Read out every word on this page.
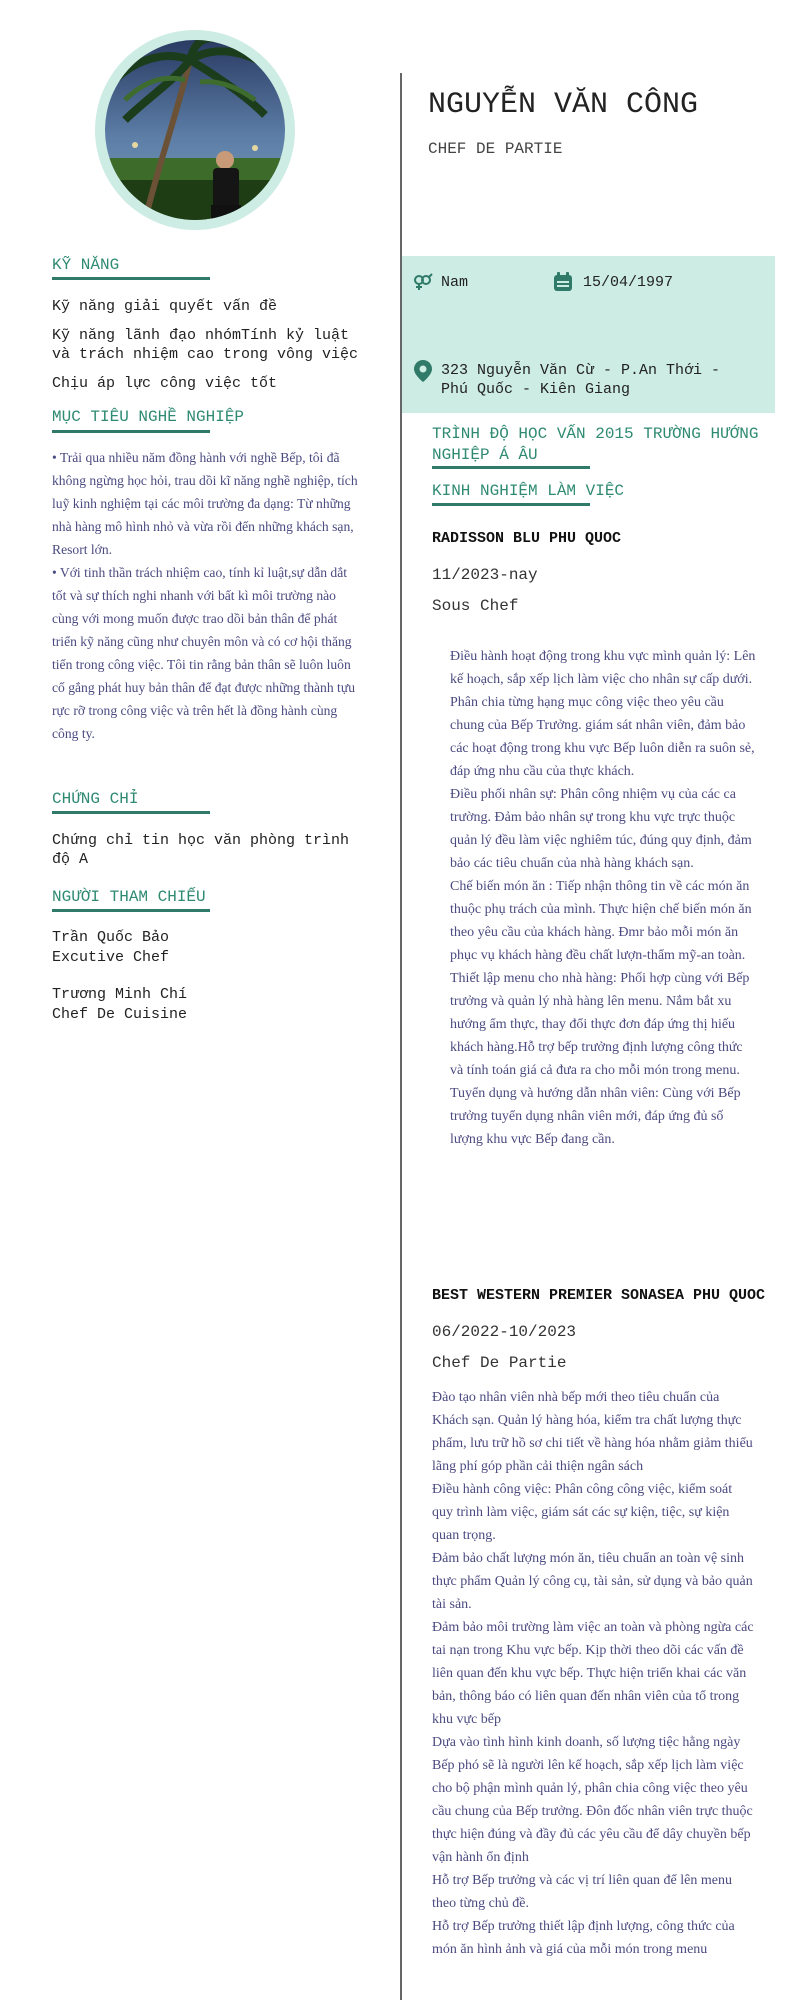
KỸ NĂNG
Kỹ năng giải quyết vấn đề
Kỹ năng lãnh đạo nhómTính kỷ luật và trách nhiệm cao trong vông việc
Chịu áp lực công việc tốt
MỤC TIÊU NGHỀ NGHIỆP

• Trải qua nhiều năm đồng hành với nghề Bếp, tôi đã không ngừng học hỏi, trau dồi kĩ năng nghề nghiệp, tích luỹ kinh nghiệm tại các môi trường đa dạng: Từ những nhà hàng mô hình nhỏ và vừa rồi đến những khách sạn, Resort lớn.

• Với tinh thần trách nhiệm cao, tính kỉ luật,sự dẫn dắt tốt và sự thích nghi nhanh với bất kì môi trường nào cùng với mong muốn được trao dồi bản thân để phát triển kỹ năng cũng như chuyên môn và có cơ hội thăng tiến trong công việc. Tôi tin rằng bản thân sẽ luôn luôn cố gắng phát huy bản thân để đạt được những thành tựu rực rỡ trong công việc và trên hết là đồng hành cùng công ty.

CHỨNG CHỈ
Chứng chỉ tin học văn phòng trình độ A
NGƯỜI THAM CHIẾU
Trần Quốc Bảo
Excutive Chef
Trương Minh Chí
Chef De Cuisine
NGUYỄN VĂN CÔNG
CHEF DE PARTIE
Nam	15/04/1997
323 Nguyễn Văn Cừ - P.An Thới - Phú Quốc - Kiên Giang
TRÌNH ĐỘ HỌC VẤN 2015 TRƯỜNG HƯỚNG NGHIỆP Á ÂU
KINH NGHIỆM LÀM VIỆC
RADISSON BLU PHU QUOC
11/2023-nay
Sous Chef

Điều hành hoạt động trong khu vực mình quản lý: Lên kế hoạch, sắp xếp lịch làm việc cho nhân sự cấp dưới. Phân chia từng hạng mục công việc theo yêu cầu chung của Bếp Trưởng. giám sát nhân viên, đảm bảo các hoạt động trong khu vực Bếp luôn diễn ra suôn sẻ, đáp ứng nhu cầu của thực khách.

Điều phối nhân sự: Phân công nhiệm vụ của các ca trường. Đảm bảo nhân sự trong khu vực trực thuộc quản lý đều làm việc nghiêm túc, đúng quy định, đảm bảo các tiêu chuẩn của nhà hàng khách sạn.

Chế biến món ăn : Tiếp nhận thông tin về các món ăn thuộc phụ trách của mình. Thực hiện chế biến món ăn theo yêu cầu của khách hàng. Đmr bảo mỗi món ăn phục vụ khách hàng đều chất lượn-thẩm mỹ-an toàn.

Thiết lập menu cho nhà hàng: Phối hợp cùng với Bếp trưởng và quản lý nhà hàng lên menu. Nắm bắt xu hướng ẩm thực, thay đổi thực đơn đáp ứng thị hiếu khách hàng.Hỗ trợ bếp trưởng định lượng công thức và tính toán giá cả đưa ra cho mỗi món trong menu.

Tuyển dụng và hướng dẫn nhân viên: Cùng với Bếp trưởng tuyển dụng nhân viên mới, đáp ứng đủ số lượng khu vực Bếp đang cần.

BEST WESTERN PREMIER SONASEA PHU QUOC
06/2022-10/2023
Chef De Partie

Đào tạo nhân viên nhà bếp mới theo tiêu chuẩn của Khách sạn. Quản lý hàng hóa, kiểm tra chất lượng thực phẩm, lưu trữ hồ sơ chi tiết về hàng hóa nhằm giảm thiểu lãng phí góp phần cải thiện ngân sách

Điều hành công việc: Phân công công việc, kiểm soát quy trình làm việc, giám sát các sự kiện, tiệc, sự kiện quan trọng.

Đảm bảo chất lượng món ăn, tiêu chuẩn an toàn vệ sinh thực phẩm Quản lý công cụ, tài sản, sử dụng và bảo quản tài sản.

Đảm bảo môi trường làm việc an toàn và phòng ngừa các tai nạn trong Khu vực bếp. Kịp thời theo dõi các vấn đề liên quan đến khu vực bếp. Thực hiện triển khai các văn bản, thông báo có liên quan đến nhân viên của tổ trong khu vực bếp

Dựa vào tình hình kinh doanh, số lượng tiệc hằng ngày Bếp phó sẽ là người lên kế hoạch, sắp xếp lịch làm việc cho bộ phận mình quản lý, phân chia công việc theo yêu cầu chung của Bếp trưởng. Đôn đốc nhân viên trực thuộc thực hiện đúng và đầy đủ các yêu cầu để dây chuyền bếp vận hành ổn định

Hỗ trợ Bếp trưởng và các vị trí liên quan để lên menu theo từng chủ đề.

Hỗ trợ Bếp trưởng thiết lập định lượng, công thức của món ăn hình ảnh và giá của mỗi món trong menu
